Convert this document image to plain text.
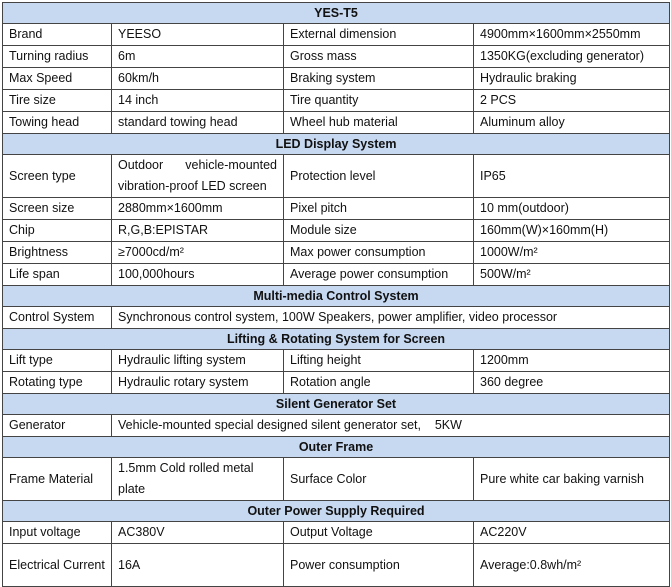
YES-T5			
Brand	YEESO	External dimension	4900mm×1600mm×2550mm
Turning radius	6m	Gross mass	1350KG(excluding generator)
Max Speed	60km/h	Braking system	Hydraulic braking
Tire size	14 inch	Tire quantity	2 PCS
Towing head	standard towing head	Wheel hub material	Aluminum alloy
LED Display System			
Screen type	Outdoor vehicle-mounted vibration-proof LED screen	Protection level	IP65
Screen size	2880mm×1600mm	Pixel pitch	10 mm(outdoor)
Chip	R,G,B:EPISTAR	Module size	160mm(W)×160mm(H)
Brightness	≥7000cd/m²	Max power consumption	1000W/m²
Life span	100,000hours	Average power consumption	500W/m²
Multi-media Control System			
Control System	Synchronous control system, 100W Speakers, power amplifier, video processor		
Lifting & Rotating System for Screen			
Lift type	Hydraulic lifting system	Lifting height	1200mm
Rotating type	Hydraulic rotary system	Rotation angle	360 degree
Silent Generator Set			
Generator	Vehicle-mounted special designed silent generator set,    5KW		
Outer Frame			
Frame Material	1.5mm Cold rolled metal plate	Surface Color	Pure white car baking varnish
Outer Power Supply Required			
Input voltage	AC380V	Output Voltage	AC220V
Electrical Current	16A	Power consumption	Average:0.8wh/m²
